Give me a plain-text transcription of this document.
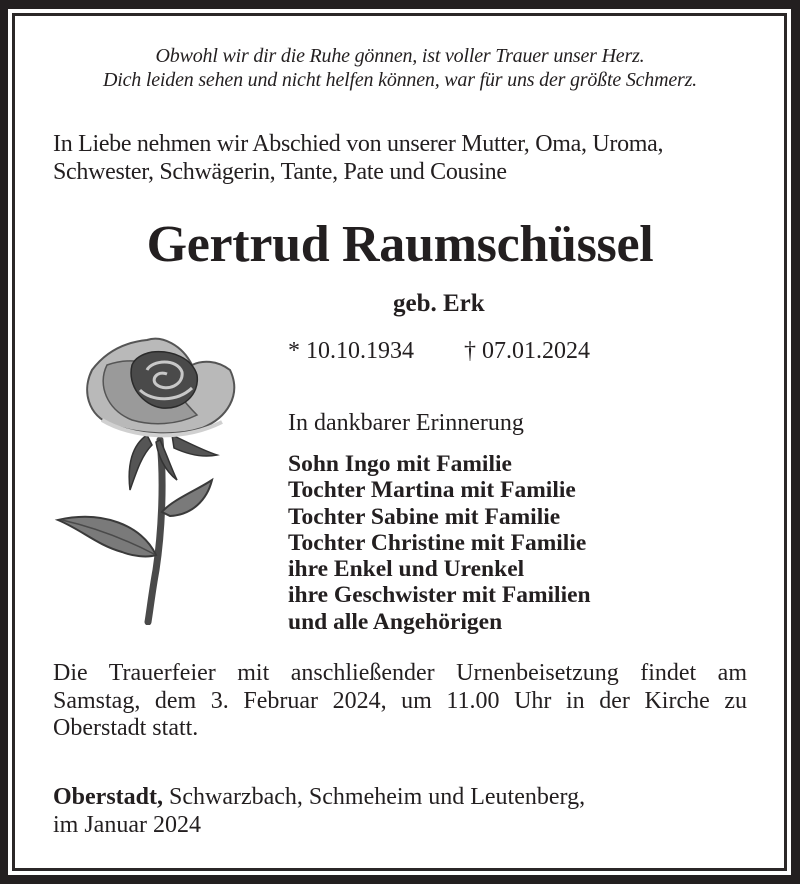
Obwohl wir dir die Ruhe gönnen, ist voller Trauer unser Herz.
Dich leiden sehen und nicht helfen können, war für uns der größte Schmerz.
In Liebe nehmen wir Abschied von unserer Mutter, Oma, Uroma,
Schwester, Schwägerin, Tante, Pate und Cousine
Gertrud Raumschüssel
geb. Erk
* 10.10.1934 † 07.01.2024
In dankbarer Erinnerung
Sohn Ingo mit Familie
Tochter Martina mit Familie
Tochter Sabine mit Familie
Tochter Christine mit Familie
ihre Enkel und Urenkel
ihre Geschwister mit Familien
und alle Angehörigen
Die Trauerfeier mit anschließender Urnenbeisetzung findet am
Samstag, dem 3. Februar 2024, um 11.00 Uhr in der Kirche zu
Oberstadt statt.
Oberstadt, Schwarzbach, Schmeheim und Leutenberg,
im Januar 2024
